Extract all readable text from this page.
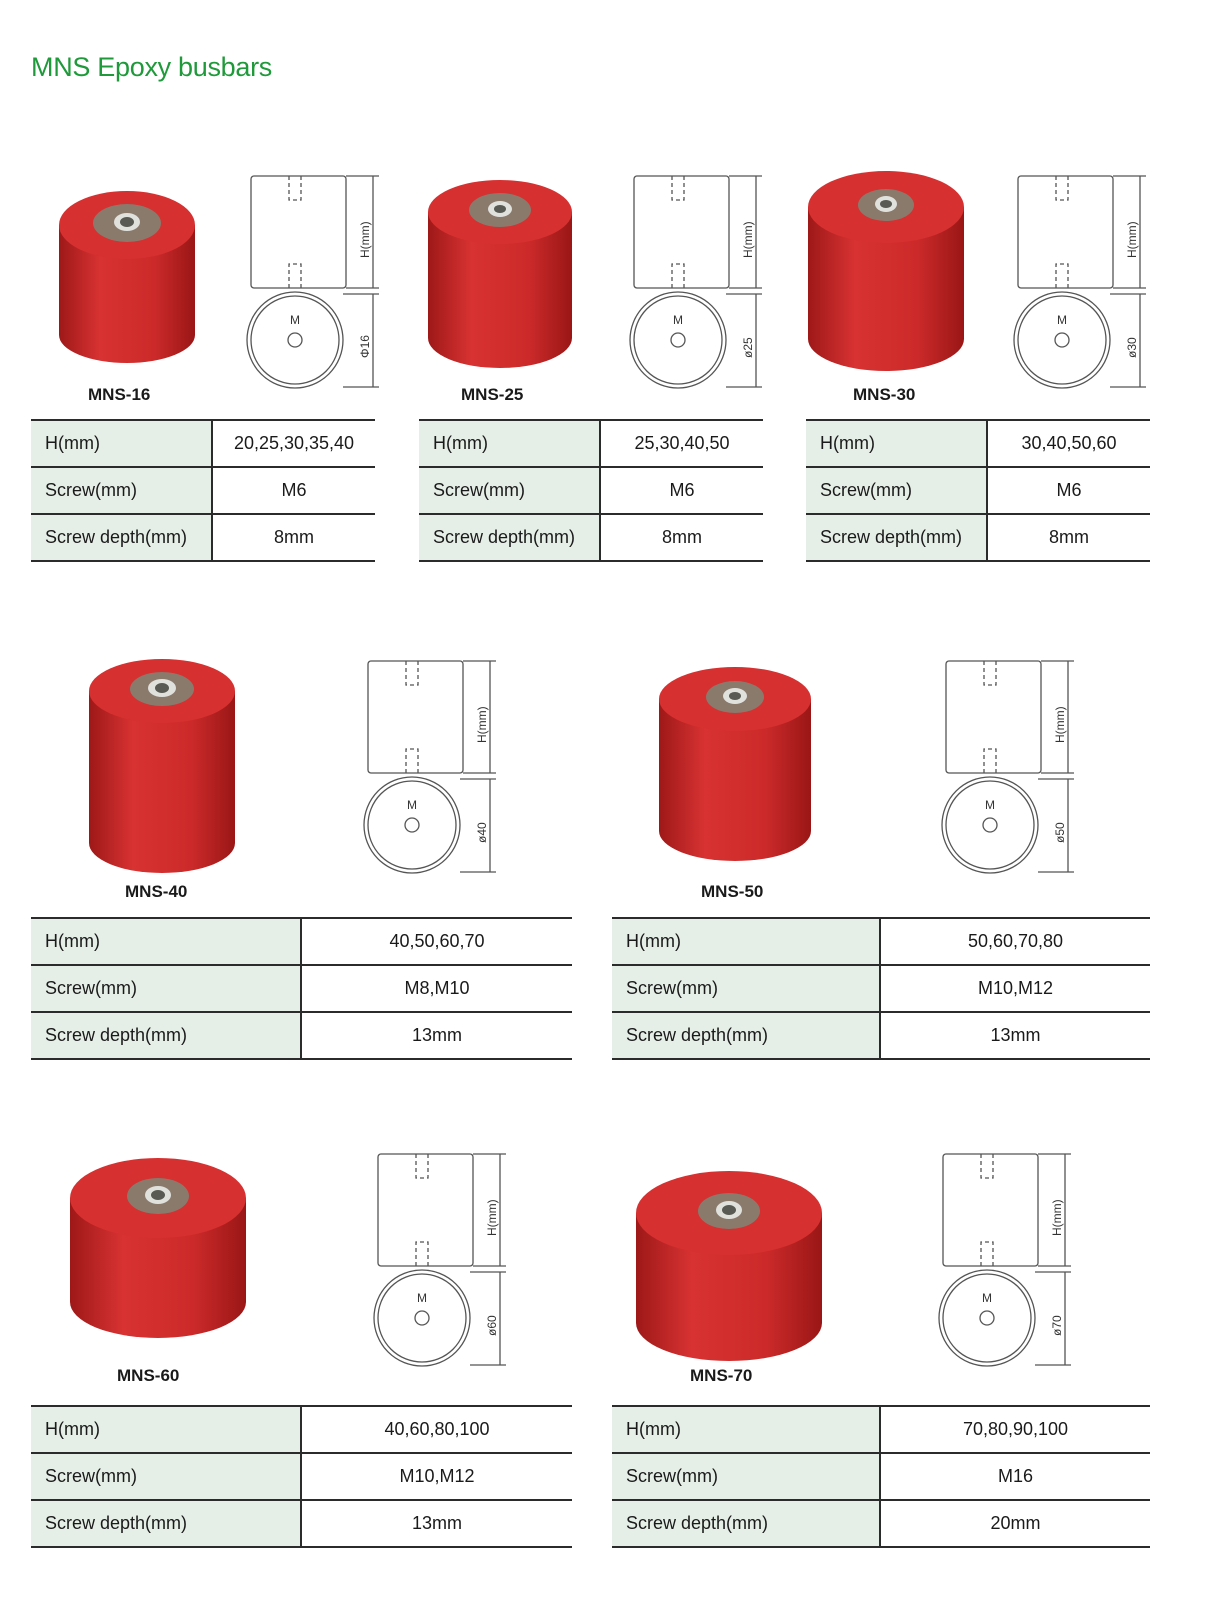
MNS Epoxy busbars
H(mm)
Φ16
M
MNS-16
H(mm)	20,25,30,35,40
Screw(mm)	M6
Screw depth(mm)	8mm
H(mm)
ø25
M
MNS-25
H(mm)	25,30,40,50
Screw(mm)	M6
Screw depth(mm)	8mm
H(mm)
ø30
M
MNS-30
H(mm)	30,40,50,60
Screw(mm)	M6
Screw depth(mm)	8mm
H(mm)
ø40
M
MNS-40
H(mm)	40,50,60,70
Screw(mm)	M8,M10
Screw depth(mm)	13mm
H(mm)
ø50
M
MNS-50
H(mm)	50,60,70,80
Screw(mm)	M10,M12
Screw depth(mm)	13mm
H(mm)
ø60
M
MNS-60
H(mm)	40,60,80,100
Screw(mm)	M10,M12
Screw depth(mm)	13mm
H(mm)
ø70
M
MNS-70
H(mm)	70,80,90,100
Screw(mm)	M16
Screw depth(mm)	20mm
